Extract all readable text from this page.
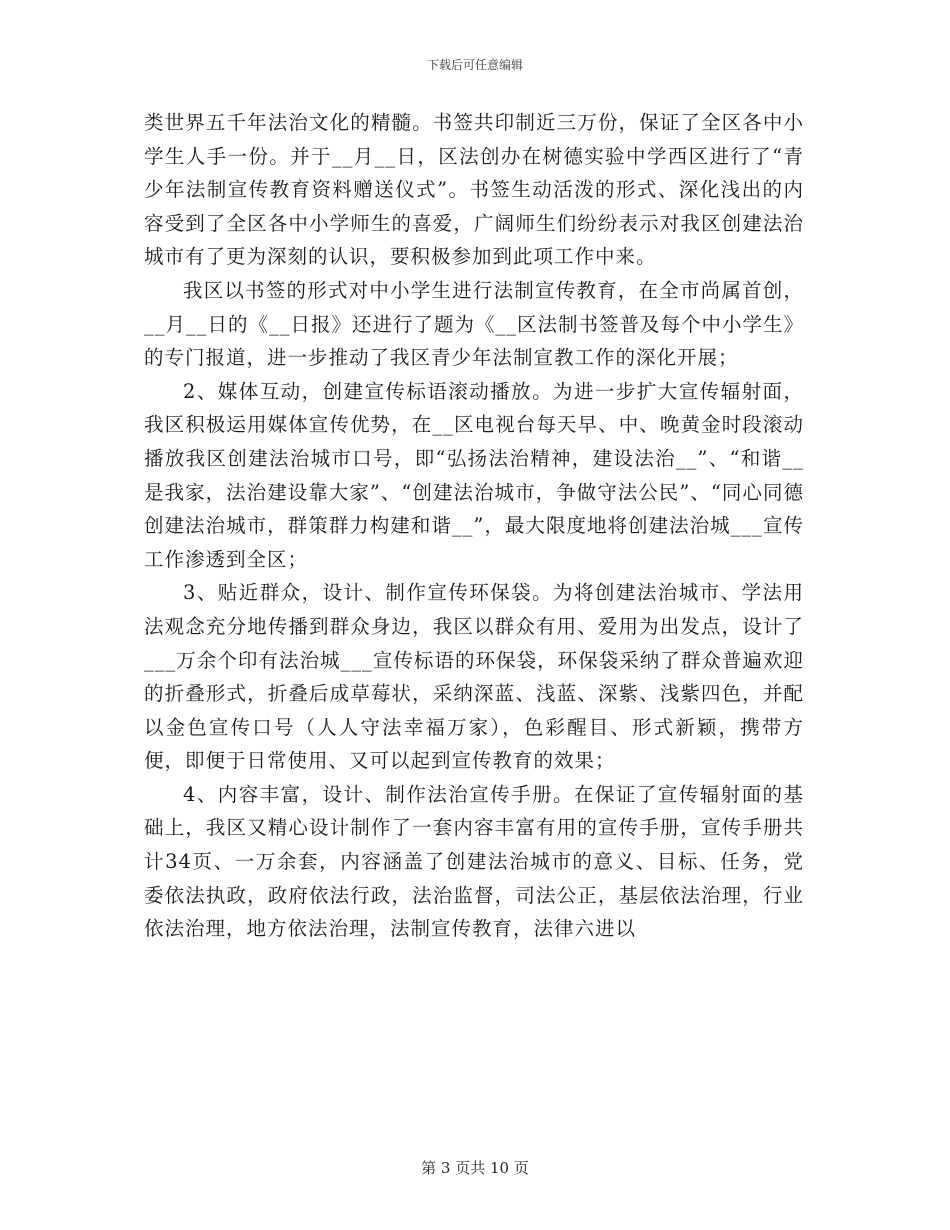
下载后可任意编辑

类世界五千年法治文化的精髓。书签共印制近三万份，保证了全区各中小学生人手一份。并于__月__日，区法创办在树德实验中学西区进行了“青少年法制宣传教育资料赠送仪式”。书签生动活泼的形式、深化浅出的内容受到了全区各中小学师生的喜爱，广阔师生们纷纷表示对我区创建法治城市有了更为深刻的认识，要积极参加到此项工作中来。

我区以书签的形式对中小学生进行法制宣传教育，在全市尚属首创，__月__日的《__日报》还进行了题为《__区法制书签普及每个中小学生》的专门报道，进一步推动了我区青少年法制宣教工作的深化开展；

2、媒体互动，创建宣传标语滚动播放。为进一步扩大宣传辐射面，我区积极运用媒体宣传优势，在__区电视台每天早、中、晚黄金时段滚动播放我区创建法治城市口号，即“弘扬法治精神，建设法治__”、“和谐__是我家，法治建设靠大家”、“创建法治城市，争做守法公民”、“同心同德创建法治城市，群策群力构建和谐__”，最大限度地将创建法治城___宣传工作渗透到全区；

3、贴近群众，设计、制作宣传环保袋。为将创建法治城市、学法用法观念充分地传播到群众身边，我区以群众有用、爱用为出发点，设计了___万余个印有法治城___宣传标语的环保袋，环保袋采纳了群众普遍欢迎的折叠形式，折叠后成草莓状，采纳深蓝、浅蓝、深紫、浅紫四色，并配以金色宣传口号（人人守法幸福万家），色彩醒目、形式新颖，携带方便，即便于日常使用、又可以起到宣传教育的效果；

4、内容丰富，设计、制作法治宣传手册。在保证了宣传辐射面的基础上，我区又精心设计制作了一套内容丰富有用的宣传手册，宣传手册共计34页、一万余套，内容涵盖了创建法治城市的意义、目标、任务，党委依法执政，政府依法行政，法治监督，司法公正，基层依法治理，行业依法治理，地方依法治理，法制宣传教育，法律六进以

第 3 页共 10 页
